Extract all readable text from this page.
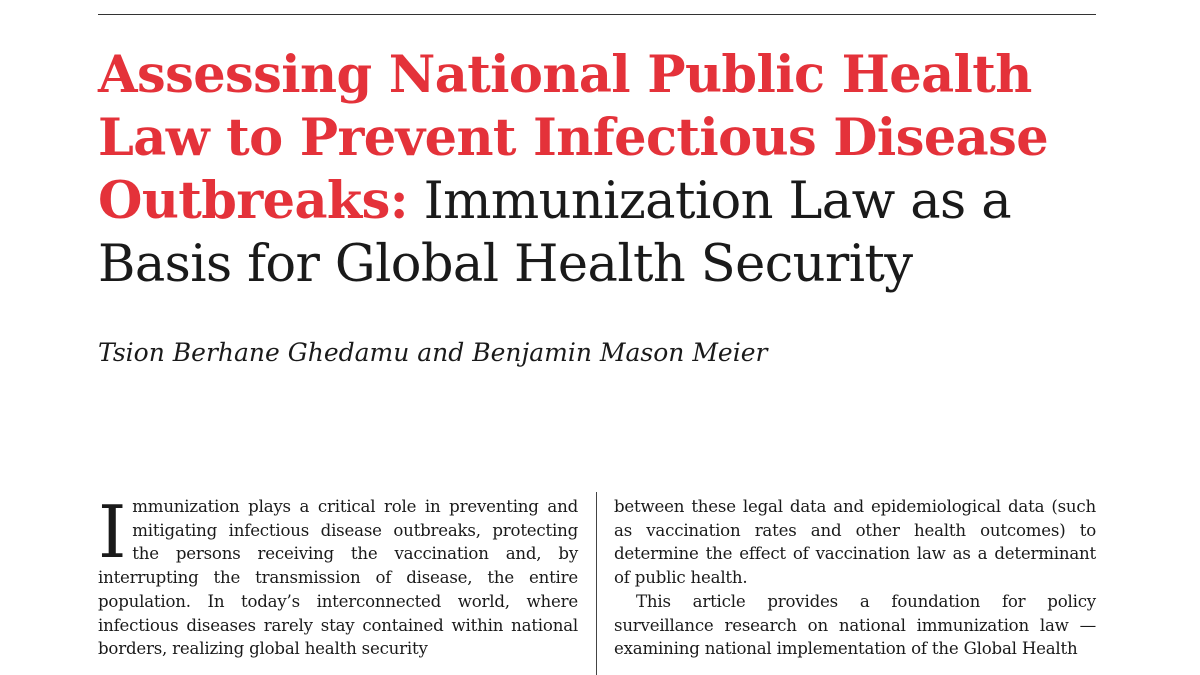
Assessing National Public Health Law to Prevent Infectious Disease Outbreaks: Immunization Law as a Basis for Global Health Security

Tsion Berhane Ghedamu and Benjamin Mason Meier

Immunization plays a critical role in preventing and mitigating infectious disease outbreaks, protecting the persons receiving the vaccination and, by interrupting the transmission of disease, the entire population. In today’s interconnected world, where infectious diseases rarely stay contained within national borders, realizing global health security

between these legal data and epidemiological data (such as vaccination rates and other health outcomes) to determine the effect of vaccination law as a determinant of public health.

This article provides a foundation for policy surveillance research on national immunization law — examining national implementation of the Global Health
